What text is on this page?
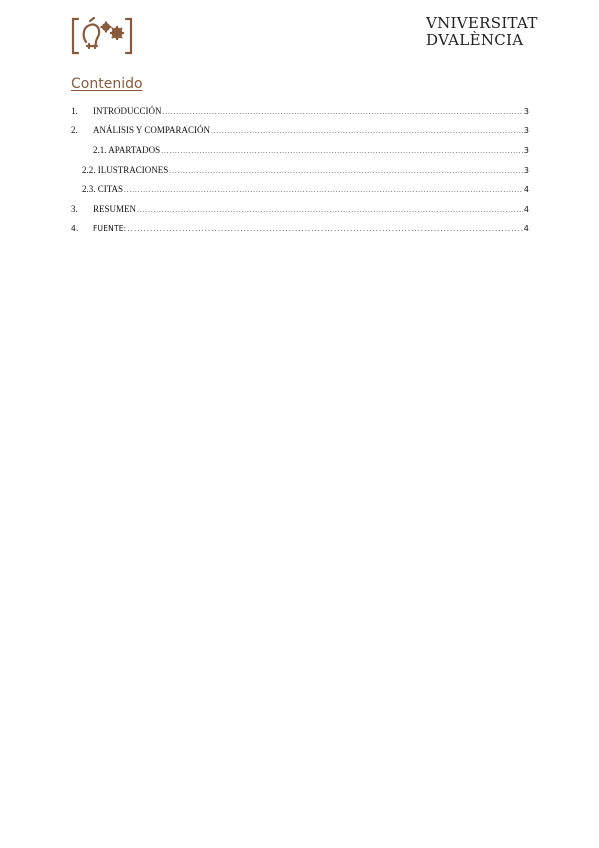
VNIVERSITAT
DVALÈNCIA
Contenido
1.	INTRODUCCIÓN .....	3
2.	ANÁLISIS Y COMPARACIÓN .....	3
2.1. APARTADOS .....	3
2.2. ILUSTRACIONES .....	3
2.3. CITAS .....	4
3.	RESUMEN .....	4
4.	FUENTE: .....	4
